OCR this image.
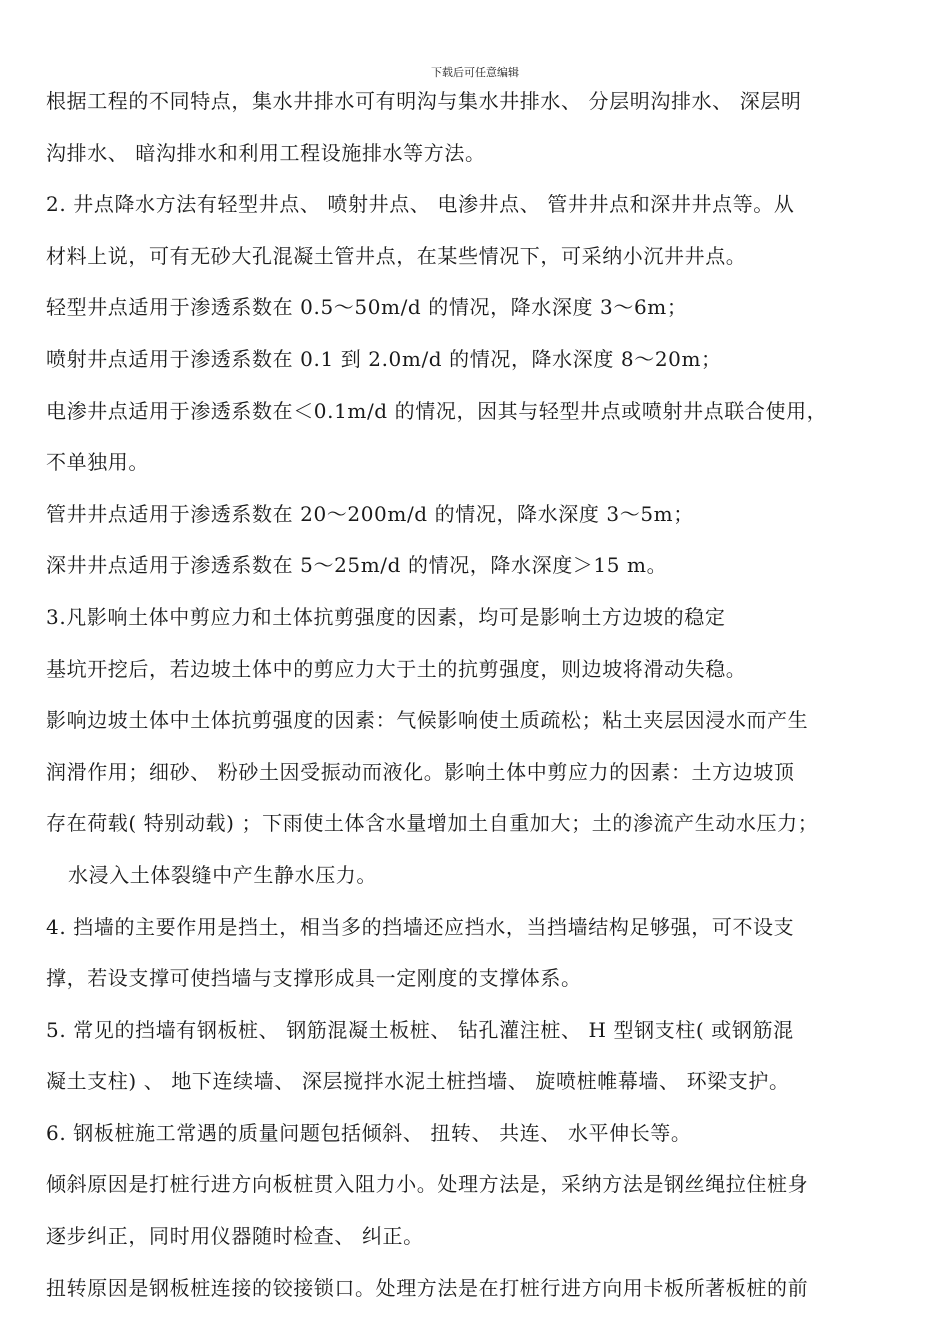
下载后可任意编辑
根据工程的不同特点，集水井排水可有明沟与集水井排水、 分层明沟排水、 深层明
沟排水、 暗沟排水和利用工程设施排水等方法。
2. 井点降水方法有轻型井点、 喷射井点、 电渗井点、 管井井点和深井井点等。从
材料上说，可有无砂大孔混凝土管井点，在某些情况下，可采纳小沉井井点。
轻型井点适用于渗透系数在 0.5～50m/d 的情况，降水深度 3～6m；
喷射井点适用于渗透系数在 0.1 到 2.0m/d 的情况，降水深度 8～20m；
电渗井点适用于渗透系数在＜0.1m/d 的情况，因其与轻型井点或喷射井点联合使用，
不单独用。
管井井点适用于渗透系数在 20～200m/d 的情况，降水深度 3～5m；
深井井点适用于渗透系数在 5～25m/d 的情况，降水深度＞15 m。
3.凡影响土体中剪应力和土体抗剪强度的因素，均可是影响土方边坡的稳定
基坑开挖后，若边坡土体中的剪应力大于土的抗剪强度，则边坡将滑动失稳。
影响边坡土体中土体抗剪强度的因素：气候影响使土质疏松；粘土夹层因浸水而产生
润滑作用；细砂、 粉砂土因受振动而液化。影响土体中剪应力的因素：土方边坡顶
存在荷载( 特别动载) ；下雨使土体含水量增加土自重加大；土的渗流产生动水压力；
水浸入土体裂缝中产生静水压力。
4. 挡墙的主要作用是挡土，相当多的挡墙还应挡水，当挡墙结构足够强，可不设支
撑，若设支撑可使挡墙与支撑形成具一定刚度的支撑体系。
5. 常见的挡墙有钢板桩、 钢筋混凝土板桩、 钻孔灌注桩、 H 型钢支柱( 或钢筋混
凝土支柱) 、 地下连续墙、 深层搅拌水泥土桩挡墙、 旋喷桩帷幕墙、 环梁支护。
6. 钢板桩施工常遇的质量问题包括倾斜、 扭转、 共连、 水平伸长等。
倾斜原因是打桩行进方向板桩贯入阻力小。处理方法是，采纳方法是钢丝绳拉住桩身
逐步纠正，同时用仪器随时检查、 纠正。
扭转原因是钢板桩连接的铰接锁口。处理方法是在打桩行进方向用卡板所著板桩的前
